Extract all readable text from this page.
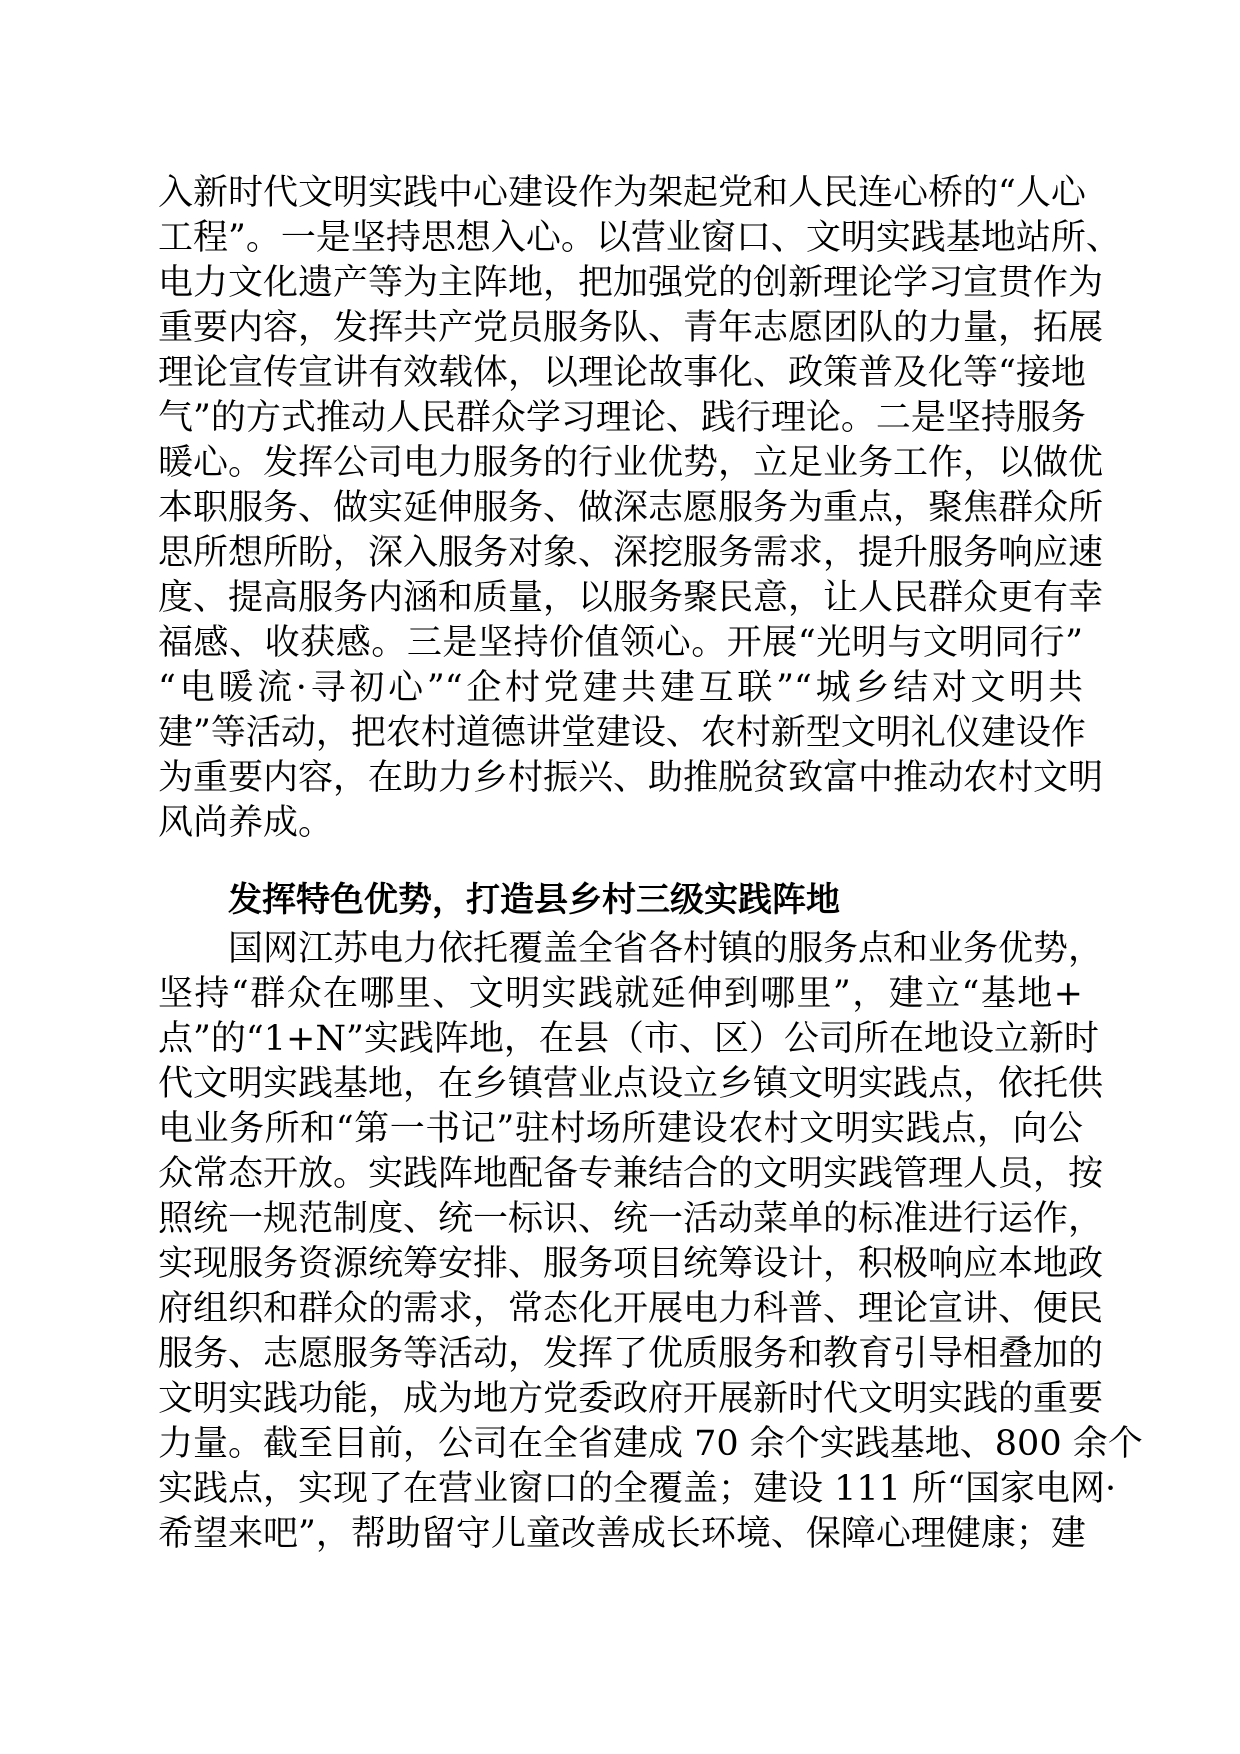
入新时代文明实践中心建设作为架起党和人民连心桥的“人心
工程”。一是坚持思想入心。以营业窗口、文明实践基地站所、
电力文化遗产等为主阵地，把加强党的创新理论学习宣贯作为
重要内容，发挥共产党员服务队、青年志愿团队的力量，拓展
理论宣传宣讲有效载体，以理论故事化、政策普及化等“接地
气”的方式推动人民群众学习理论、践行理论。二是坚持服务
暖心。发挥公司电力服务的行业优势，立足业务工作，以做优
本职服务、做实延伸服务、做深志愿服务为重点，聚焦群众所
思所想所盼，深入服务对象、深挖服务需求，提升服务响应速
度、提高服务内涵和质量，以服务聚民意，让人民群众更有幸
福感、收获感。三是坚持价值领心。开展“光明与文明同行”
“电暖流·寻初心”“企村党建共建互联”“城乡结对文明共
建”等活动，把农村道德讲堂建设、农村新型文明礼仪建设作
为重要内容，在助力乡村振兴、助推脱贫致富中推动农村文明
风尚养成。
发挥特色优势，打造县乡村三级实践阵地
国网江苏电力依托覆盖全省各村镇的服务点和业务优势，
坚持“群众在哪里、文明实践就延伸到哪里”，建立“基地+
点”的“1+N”实践阵地，在县（市、区）公司所在地设立新时
代文明实践基地，在乡镇营业点设立乡镇文明实践点，依托供
电业务所和“第一书记”驻村场所建设农村文明实践点，向公
众常态开放。实践阵地配备专兼结合的文明实践管理人员，按
照统一规范制度、统一标识、统一活动菜单的标准进行运作，
实现服务资源统筹安排、服务项目统筹设计，积极响应本地政
府组织和群众的需求，常态化开展电力科普、理论宣讲、便民
服务、志愿服务等活动，发挥了优质服务和教育引导相叠加的
文明实践功能，成为地方党委政府开展新时代文明实践的重要
力量。截至目前，公司在全省建成 70 余个实践基地、800 余个
实践点，实现了在营业窗口的全覆盖；建设 111 所“国家电网·
希望来吧”，帮助留守儿童改善成长环境、保障心理健康；建
